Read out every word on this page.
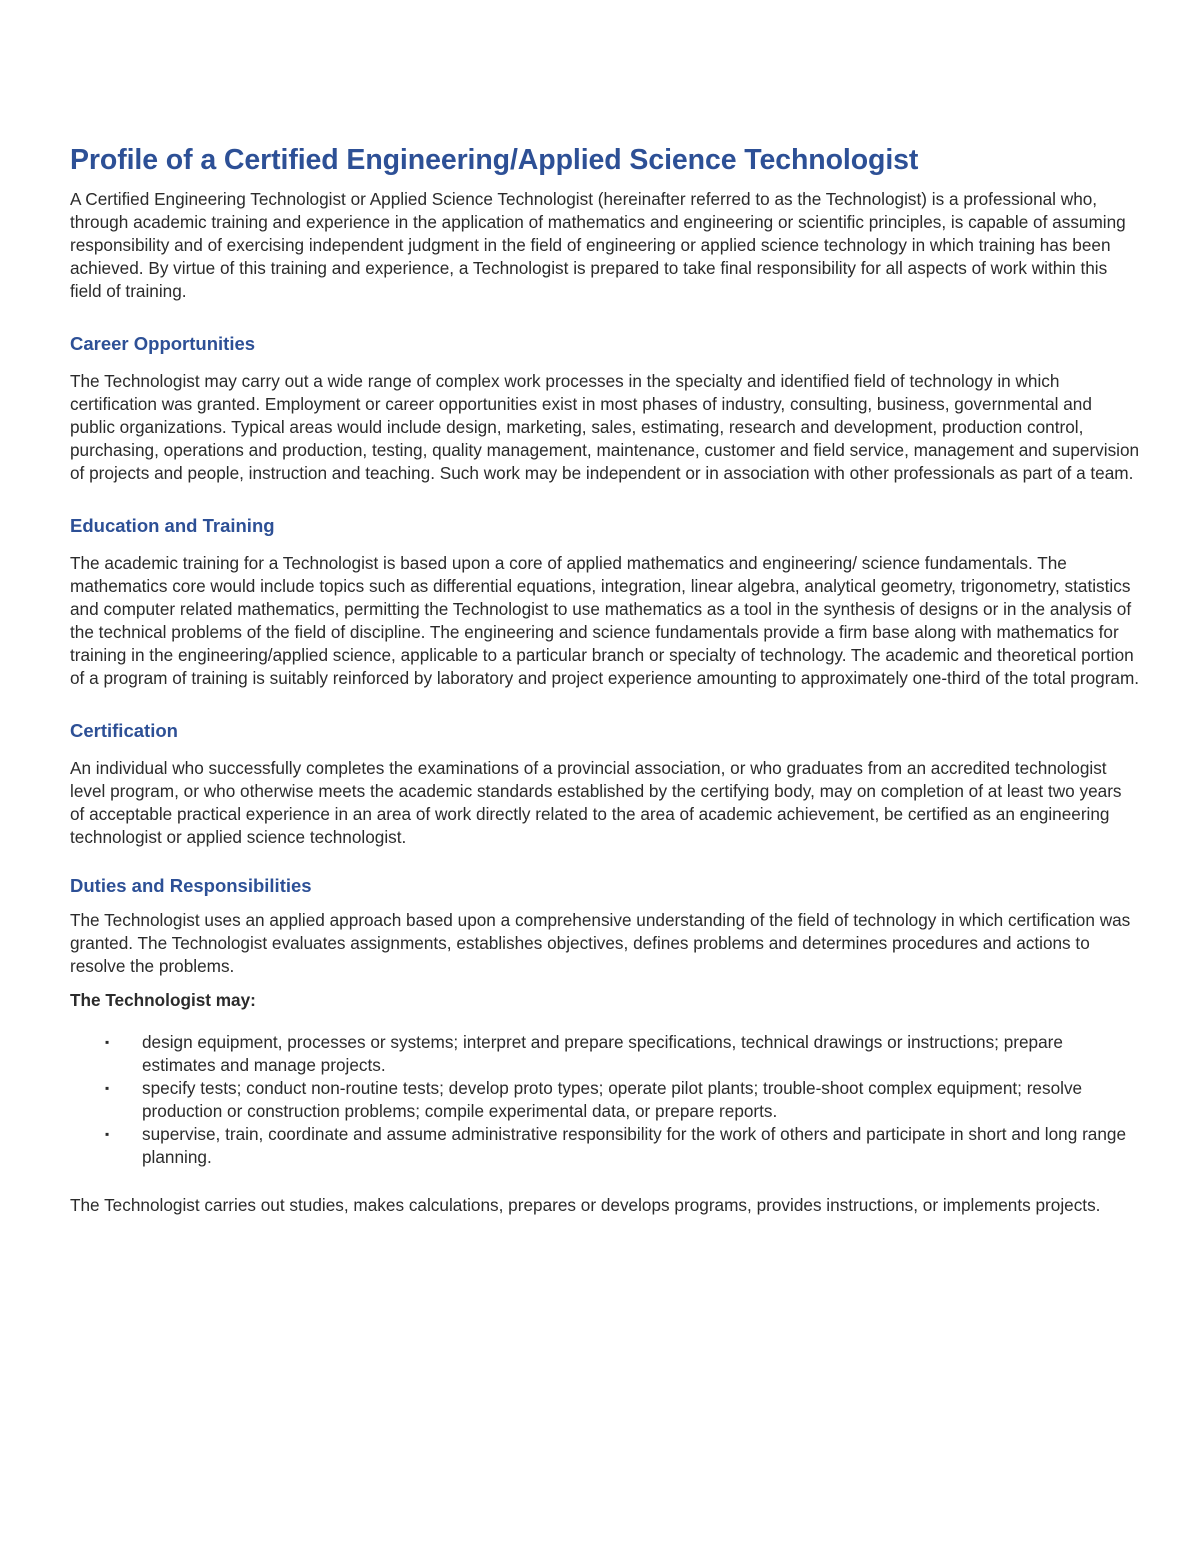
Profile of a Certified Engineering/Applied Science Technologist

A Certified Engineering Technologist or Applied Science Technologist (hereinafter referred to as the Technologist) is a professional who, through academic training and experience in the application of mathematics and engineering or scientific principles, is capable of assuming responsibility and of exercising independent judgment in the field of engineering or applied science technology in which training has been achieved. By virtue of this training and experience, a Technologist is prepared to take final responsibility for all aspects of work within this field of training.

Career Opportunities

The Technologist may carry out a wide range of complex work processes in the specialty and identified field of technology in which certification was granted. Employment or career opportunities exist in most phases of industry, consulting, business, governmental and public organizations. Typical areas would include design, marketing, sales, estimating, research and development, production control, purchasing, operations and production, testing, quality management, maintenance, customer and field service, management and supervision of projects and people, instruction and teaching. Such work may be independent or in association with other professionals as part of a team.

Education and Training

The academic training for a Technologist is based upon a core of applied mathematics and engineering/ science fundamentals. The mathematics core would include topics such as differential equations, integration, linear algebra, analytical geometry, trigonometry, statistics and computer related mathematics, permitting the Technologist to use mathematics as a tool in the synthesis of designs or in the analysis of the technical problems of the field of discipline. The engineering and science fundamentals provide a firm base along with mathematics for training in the engineering/applied science, applicable to a particular branch or specialty of technology. The academic and theoretical portion of a program of training is suitably reinforced by laboratory and project experience amounting to approximately one-third of the total program.

Certification

An individual who successfully completes the examinations of a provincial association, or who graduates from an accredited technologist level program, or who otherwise meets the academic standards established by the certifying body, may on completion of at least two years of acceptable practical experience in an area of work directly related to the area of academic achievement, be certified as an engineering technologist or applied science technologist.

Duties and Responsibilities

The Technologist uses an applied approach based upon a comprehensive understanding of the field of technology in which certification was granted. The Technologist evaluates assignments, establishes objectives, defines problems and determines procedures and actions to resolve the problems.

The Technologist may:

▪ design equipment, processes or systems; interpret and prepare specifications, technical drawings or instructions; prepare estimates and manage projects.
▪ specify tests; conduct non-routine tests; develop proto types; operate pilot plants; trouble-shoot complex equipment; resolve production or construction problems; compile experimental data, or prepare reports.
▪ supervise, train, coordinate and assume administrative responsibility for the work of others and participate in short and long range planning.

The Technologist carries out studies, makes calculations, prepares or develops programs, provides instructions, or implements projects.
